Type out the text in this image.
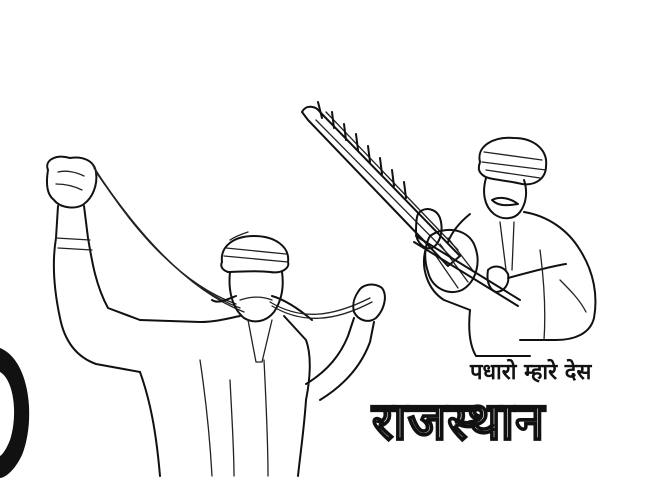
पधारो म्हारे देस
राजस्थान
